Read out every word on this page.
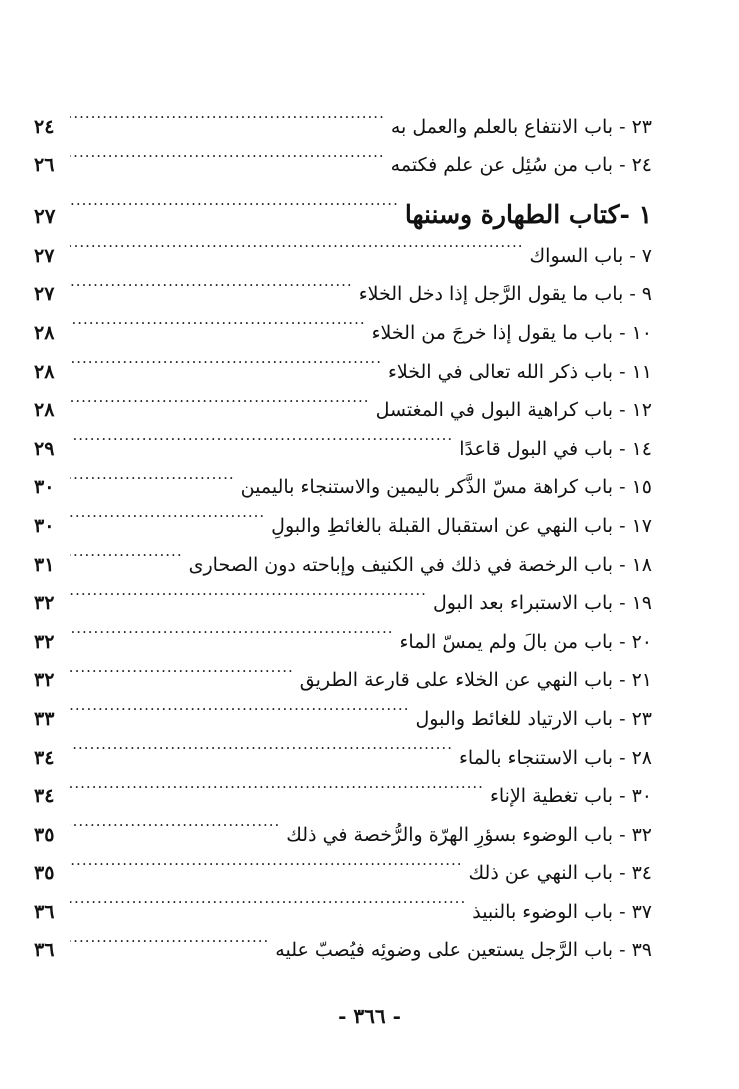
٢٣ - باب الانتفاع بالعلم والعمل به
.....
٢٤
٢٤ - باب من سُئِل عن علم فكتمه
.....
٢٦
١ -كتاب الطهارة وسننها
.....
٢٧
٧ - باب السواك
.....
٢٧
٩ - باب ما يقول الرَّجل إذا دخل الخلاء
.....
٢٧
١٠ - باب ما يقول إذا خرجَ من الخلاء
.....
٢٨
١١ - باب ذكر الله تعالى في الخلاء
.....
٢٨
١٢ - باب كراهية البول في المغتسل
.....
٢٨
١٤ - باب في البول قاعدًا
.....
٢٩
١٥ - باب كراهة مسّ الذَّكر باليمين والاستنجاء باليمين
.....
٣٠
١٧ - باب النهي عن استقبال القبلة بالغائطِ والبولِ
.....
٣٠
١٨ - باب الرخصة في ذلك في الكنيف وإباحته دون الصحارى
.....
٣١
١٩ - باب الاستبراء بعد البول
.....
٣٢
٢٠ - باب من بالَ ولم يمسّ الماء
.....
٣٢
٢١ - باب النهي عن الخلاء على قارعة الطريق
.....
٣٢
٢٣ - باب الارتياد للغائط والبول
.....
٣٣
٢٨ - باب الاستنجاء بالماء
.....
٣٤
٣٠ - باب تغطية الإناء
.....
٣٤
٣٢ - باب الوضوء بسؤرِ الهرّة والرُّخصة في ذلك
.....
٣٥
٣٤ - باب النهي عن ذلك
.....
٣٥
٣٧ - باب الوضوء بالنبيذ
.....
٣٦
٣٩ - باب الرَّجل يستعين على وضوئِه فيُصبّ عليه
.....
٣٦
- ٣٦٦ -
